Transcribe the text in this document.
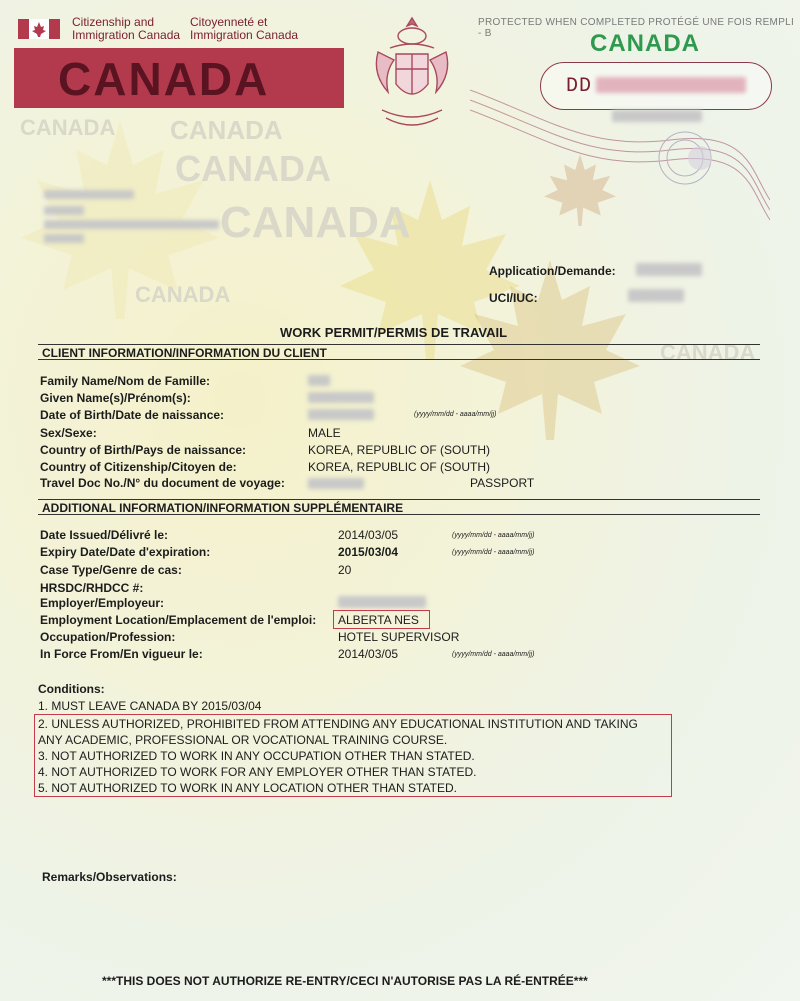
CANADA
CANADA
CANADA
CANADA
CANADA
CANADA
Citizenship and
Immigration Canada
Citoyenneté et
Immigration Canada
CANADA
PROTECTED WHEN COMPLETED PROTÉGÉ UNE FOIS REMPLI - B	CANADA
DD
Application/Demande:
UCI/IUC:
WORK PERMIT/PERMIS DE TRAVAIL
CLIENT INFORMATION/INFORMATION DU CLIENT
Family Name/Nom de Famille:
Given Name(s)/Prénom(s):
Date of Birth/Date de naissance:	(yyyy/mm/dd - aaaa/mm/jj)
Sex/Sexe:	MALE
Country of Birth/Pays de naissance:	KOREA, REPUBLIC OF (SOUTH)
Country of Citizenship/Citoyen de:	KOREA, REPUBLIC OF (SOUTH)
Travel Doc No./N° du document de voyage:	PASSPORT
ADDITIONAL INFORMATION/INFORMATION SUPPLÉMENTAIRE
Date Issued/Délivré le:	2014/03/05	(yyyy/mm/dd - aaaa/mm/jj)
Expiry Date/Date d'expiration:	2015/03/04	(yyyy/mm/dd - aaaa/mm/jj)
Case Type/Genre de cas:	20
HRSDC/RHDCC #:
Employer/Employeur:
Employment Location/Emplacement de l'emploi: ALBERTA NES
Occupation/Profession:	HOTEL SUPERVISOR
In Force From/En vigueur le:	2014/03/05	(yyyy/mm/dd - aaaa/mm/jj)
Conditions:
1. MUST LEAVE CANADA BY 2015/03/04
2. UNLESS AUTHORIZED, PROHIBITED FROM ATTENDING ANY EDUCATIONAL INSTITUTION AND TAKING
ANY ACADEMIC, PROFESSIONAL OR VOCATIONAL TRAINING COURSE.
3. NOT AUTHORIZED TO WORK IN ANY OCCUPATION OTHER THAN STATED.
4. NOT AUTHORIZED TO WORK FOR ANY EMPLOYER OTHER THAN STATED.
5. NOT AUTHORIZED TO WORK IN ANY LOCATION OTHER THAN STATED.
Remarks/Observations:
***THIS DOES NOT AUTHORIZE RE-ENTRY/CECI N'AUTORISE PAS LA RÉ-ENTRÉE***
